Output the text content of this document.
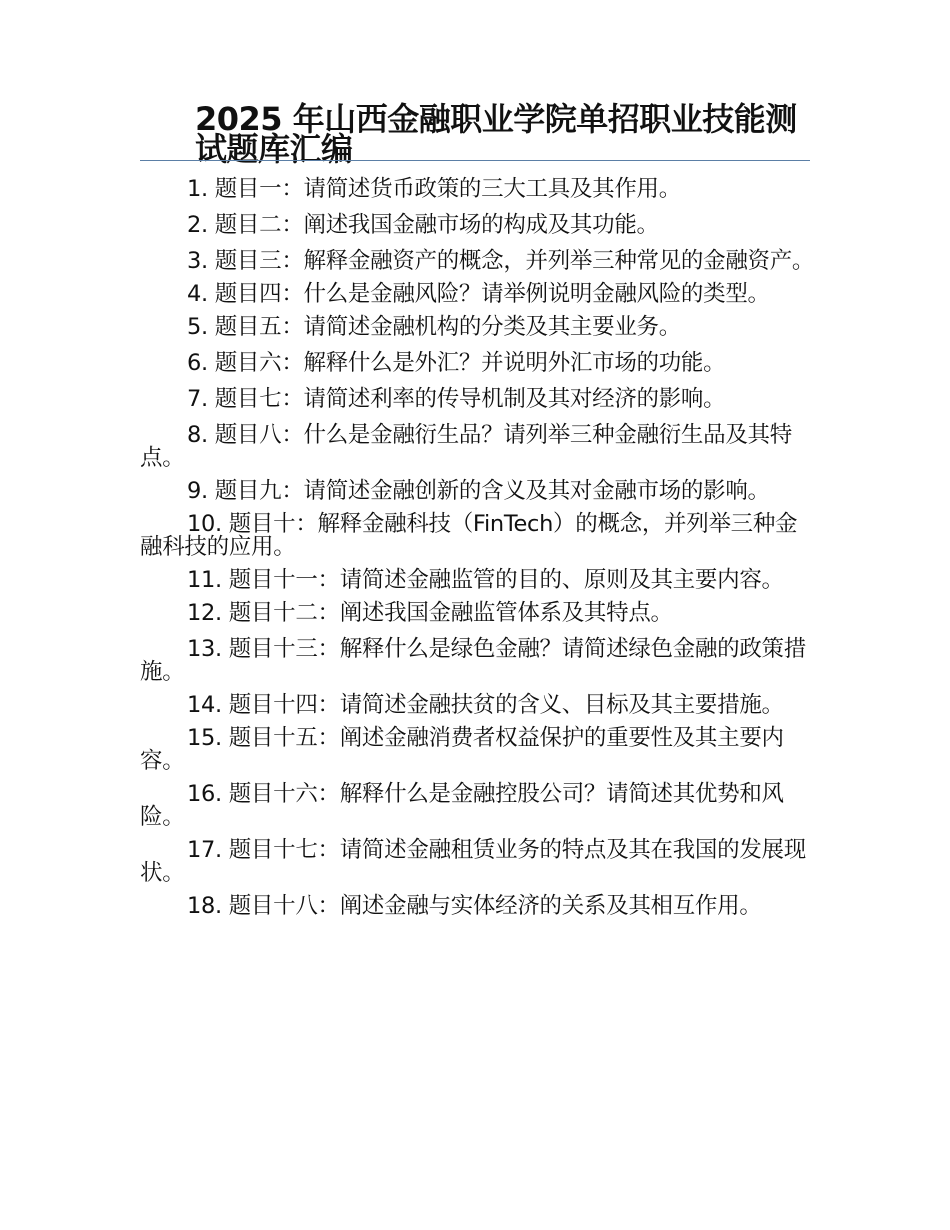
2025 年山西金融职业学院单招职业技能测试题库汇编
1. 题目一：请简述货币政策的三大工具及其作用。
2. 题目二：阐述我国金融市场的构成及其功能。
3. 题目三：解释金融资产的概念，并列举三种常见的金融资产。
4. 题目四：什么是金融风险？请举例说明金融风险的类型。
5. 题目五：请简述金融机构的分类及其主要业务。
6. 题目六：解释什么是外汇？并说明外汇市场的功能。
7. 题目七：请简述利率的传导机制及其对经济的影响。
8. 题目八：什么是金融衍生品？请列举三种金融衍生品及其特点。
9. 题目九：请简述金融创新的含义及其对金融市场的影响。
10. 题目十：解释金融科技（FinTech）的概念，并列举三种金融科技的应用。
11. 题目十一：请简述金融监管的目的、原则及其主要内容。
12. 题目十二：阐述我国金融监管体系及其特点。
13. 题目十三：解释什么是绿色金融？请简述绿色金融的政策措施。
14. 题目十四：请简述金融扶贫的含义、目标及其主要措施。
15. 题目十五：阐述金融消费者权益保护的重要性及其主要内容。
16. 题目十六：解释什么是金融控股公司？请简述其优势和风险。
17. 题目十七：请简述金融租赁业务的特点及其在我国的发展现状。
18. 题目十八：阐述金融与实体经济的关系及其相互作用。
